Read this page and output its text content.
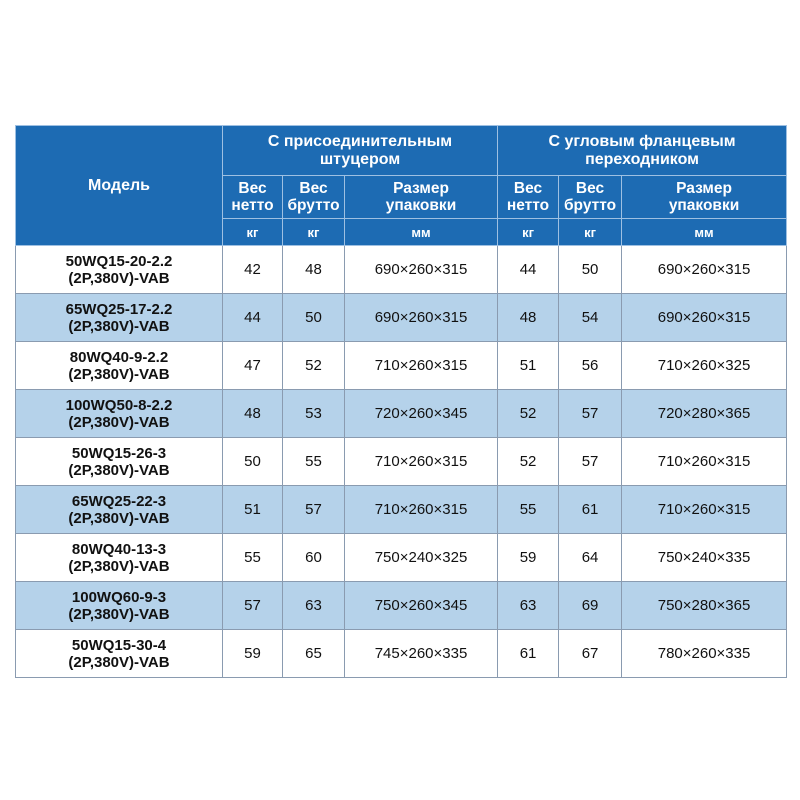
Модель	С присоединительным
штуцером			С угловым фланцевым
переходником		

	Вес
нетто	Вес
брутто	Размер
упаковки	Вес
нетто	Вес
брутто	Размер
упаковки

	кг	кг	мм	кг	кг	мм

50WQ15-20-2.2
(2P,380V)-VAB	42	48	690×260×315	44	50	690×260×315

65WQ25-17-2.2
(2P,380V)-VAB	44	50	690×260×315	48	54	690×260×315

80WQ40-9-2.2
(2P,380V)-VAB	47	52	710×260×315	51	56	710×260×325

100WQ50-8-2.2
(2P,380V)-VAB	48	53	720×260×345	52	57	720×280×365

50WQ15-26-3
(2P,380V)-VAB	50	55	710×260×315	52	57	710×260×315

65WQ25-22-3
(2P,380V)-VAB	51	57	710×260×315	55	61	710×260×315

80WQ40-13-3
(2P,380V)-VAB	55	60	750×240×325	59	64	750×240×335

100WQ60-9-3
(2P,380V)-VAB	57	63	750×260×345	63	69	750×280×365

50WQ15-30-4
(2P,380V)-VAB	59	65	745×260×335	61	67	780×260×335
